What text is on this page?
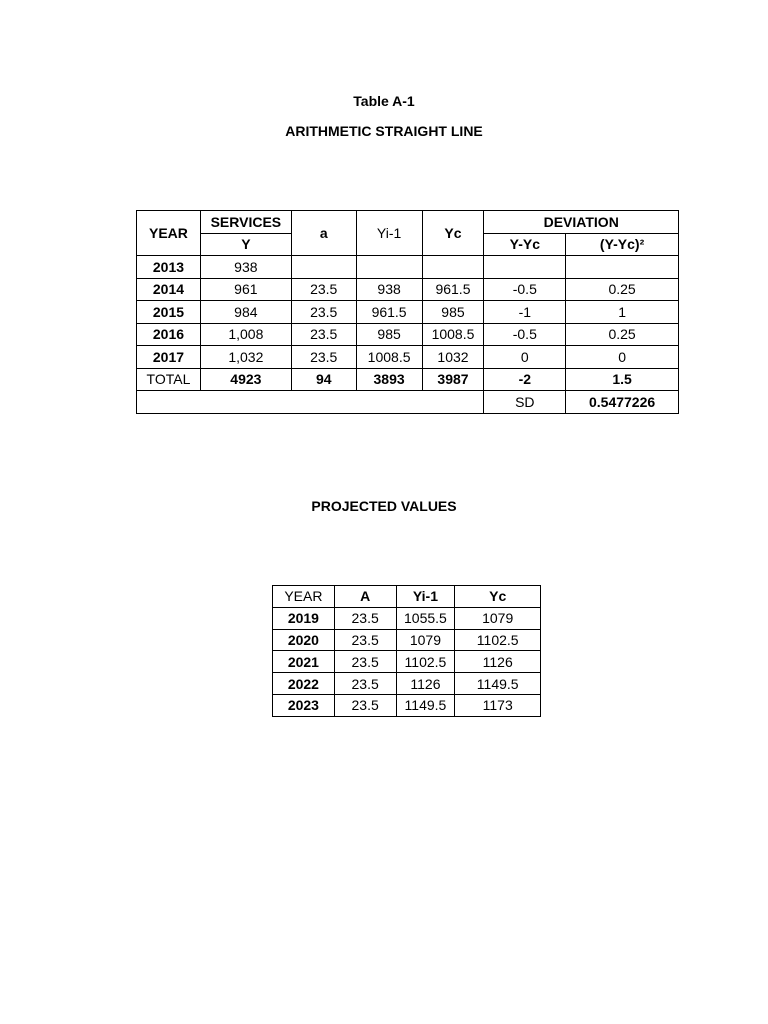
Table A-1
ARITHMETIC STRAIGHT LINE
YEAR	SERVICES	a	Yi-1	Yc	DEVIATION	
	Y				Y-Yc	(Y-Yc)²
2013	938					
2014	961	23.5	938	961.5	-0.5	0.25
2015	984	23.5	961.5	985	-1	1
2016	1,008	23.5	985	1008.5	-0.5	0.25
2017	1,032	23.5	1008.5	1032	0	0
TOTAL	4923	94	3893	3987	-2	1.5
					SD	0.5477226
PROJECTED VALUES
YEAR	A	Yi-1	Yc
2019	23.5	1055.5	1079
2020	23.5	1079	1102.5
2021	23.5	1102.5	1126
2022	23.5	1126	1149.5
2023	23.5	1149.5	1173
